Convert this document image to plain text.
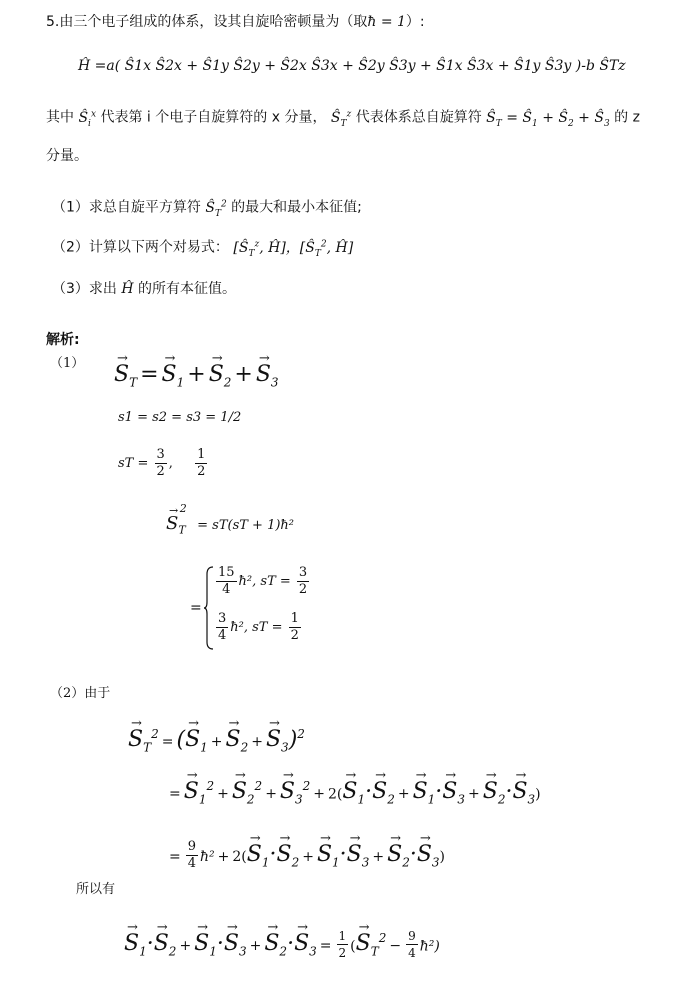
5.由三个电子组成的体系，设其自旋哈密顿量为（取ħ = 1）:
Ĥ =a( Ŝ1x Ŝ2x + Ŝ1y Ŝ2y + Ŝ2x Ŝ3x + Ŝ2y Ŝ3y + Ŝ1x Ŝ3x + Ŝ1y Ŝ3y )-b ŜTz
其中 $Ŝ_i^x$ 代表第 i 个电子自旋算符的 x 分量， $Ŝ_T^z$ 代表体系总自旋算符 $Ŝ_T$ = $Ŝ_1$ + $Ŝ_2$ + $Ŝ_3$ 的 z
分量。
（1）求总自旋平方算符 $Ŝ_T^2$ 的最大和最小本征值;
（2）计算以下两个对易式： [$Ŝ_T^z$, Ĥ]，[$Ŝ_T^2$, Ĥ]
（3）求出 Ĥ 的所有本征值。
解析:
（1）
→ $S_T =\to S_1 +\to S_2 +\to S_3$
s1 = s2 = s3 = 1/2
sT = $\frac{3}{2}$ , $\frac{1}{2}$
→ $S_T^2 = sT(sT$ + 1)ħ²
=
$\frac{15}{4}$ ħ², sT = $\frac{3}{2}$
$\frac{3}{4}$ ħ², sT = $\frac{1}{2}$
（2）由于
→ $S_T^2=$ (→ $S_1 +\to S_2 +\to S_3)^2$
=→ $S_1^2+\to S_2^2+\to S_3^2+ 2(\to S_1\cdot\to S_2 +\to S_1\cdot\to S_3 +\to S_2\cdot\to S_3)$
= $\frac{9}{4}$ ħ² + $2(\to S_1\cdot\to S_2 +\to S_1\cdot\to S_3 +\to S_2\cdot\to S_3)$
所以有
→ $S_1\cdot\to S_2 +\to S_1\cdot\to S_3 +\to S_2\cdot\to S_3 = \frac{1}{2}$ (→ $S_T^2- \frac{9}{4}$ ħ²)
